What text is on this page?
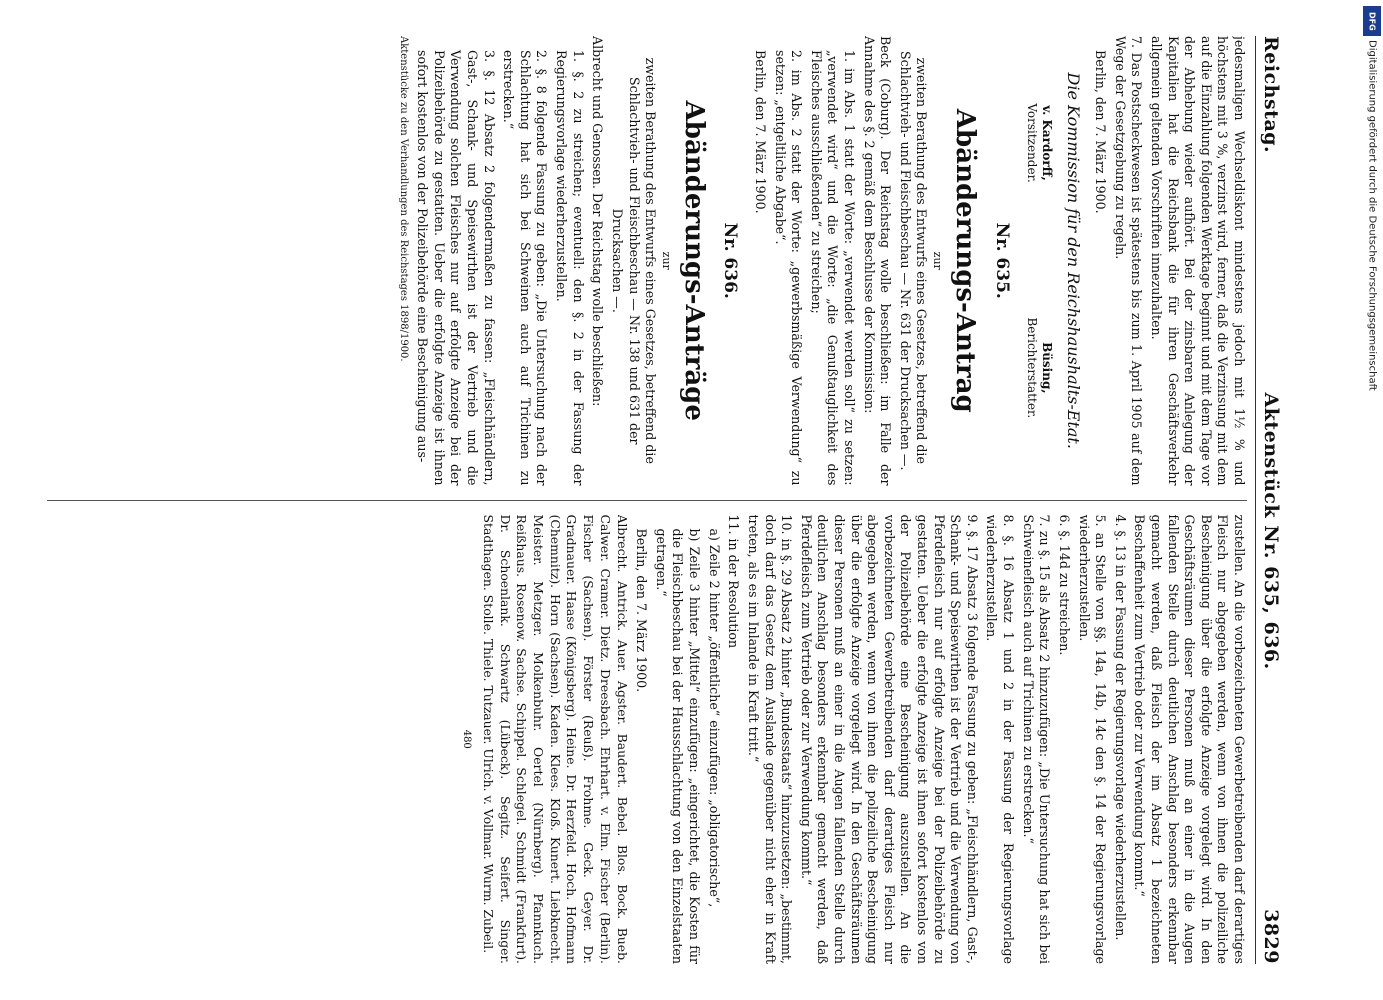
Reichstag.
Aktenstück Nr. 635, 636.
3829

jedesmaligen Wechseldiskont mindestens jedoch mit 1½ % und höchstens mit 3 %, verzinst wird, ferner, daß die Verzinsung mit dem auf die Einzahlung folgenden Werktage beginnt und mit dem Tage vor der Abhebung wieder aufhört. Bei der zinsbaren Anlegung der Kapitalien hat die Reichsbank die für ihren Geschäftsverkehr allgemein geltenden Vorschriften innezuhalten.

7. Das Postscheckwesen ist spätestens bis zum 1. April 1905 auf dem Wege der Gesetzgebung zu regeln.

Berlin, den 7. März 1900.

Die Kommission für den Reichshaushalts-Etat.
v. Kardorff,
Vorsitzender.
Büsing,
Berichterstatter.
Nr. 635.
Abänderungs-Antrag
zur

zweiten Berathung des Entwurfs eines Gesetzes, betreffend die Schlachtvieh- und Fleischbeschau — Nr. 631 der Drucksachen —.

Beck (Coburg). Der Reichstag wolle beschließen: im Falle der Annahme des §. 2 gemäß dem Beschlusse der Kommission:

1. im Abs. 1 statt der Worte: „verwendet werden soll“ zu setzen: „verwendet wird“ und die Worte: „die Genußtauglichkeit des Fleisches ausschließenden“ zu streichen;

2. im Abs. 2 statt der Worte: „gewerbsmäßige Verwendung“ zu setzen: „entgeltliche Abgabe“.

Berlin, den 7. März 1900.

Nr. 636.
Abänderungs-Anträge
zur

zweiten Berathung des Entwurfs eines Gesetzes, betreffend die Schlachtvieh- und Fleischbeschau — Nr. 138 und 631 der Drucksachen —.

Albrecht und Genossen. Der Reichstag wolle beschließen:

1. §. 2 zu streichen; eventuell: den §. 2 in der Fassung der Regierungsvorlage wiederherzustellen.

2. §. 8 folgende Fassung zu geben: „Die Untersuchung nach der Schlachtung hat sich bei Schweinen auch auf Trichinen zu erstrecken.“

3. §. 12 Absatz 2 folgendermaßen zu fassen: „Fleischhändlern, Gast-, Schank- und Speisewirthen ist der Vertrieb und die Verwendung solchen Fleisches nur auf erfolgte Anzeige bei der Polizeibehörde zu gestatten. Ueber die erfolgte Anzeige ist ihnen sofort kostenlos von der Polizeibehörde eine Bescheinigung aus-

Aktenstücke zu den Verhandlungen des Reichstages 1898/1900.

zustellen. An die vorbezeichneten Gewerbetreibenden darf derartiges Fleisch nur abgegeben werden, wenn von ihnen die polizeiliche Bescheinigung über die erfolgte Anzeige vorgelegt wird. In den Geschäftsräumen dieser Personen muß an einer in die Augen fallenden Stelle durch deutlichen Anschlag besonders erkennbar gemacht werden, daß Fleisch der im Absatz 1 bezeichneten Beschaffenheit zum Vertrieb oder zur Verwendung kommt.“

4. §. 13 in der Fassung der Regierungsvorlage wiederherzustellen.

5. an Stelle von §§. 14a, 14b, 14c den §. 14 der Regierungsvorlage wiederherzustellen.

6. §. 14d zu streichen.

7. zu §. 15 als Absatz 2 hinzuzufügen: „Die Untersuchung hat sich bei Schweinefleisch auch auf Trichinen zu erstrecken.“

8. §. 16 Absatz 1 und 2 in der Fassung der Regierungsvorlage wiederherzustellen.

9. §. 17 Absatz 3 folgende Fassung zu geben: „Fleischhändlern, Gast-, Schank- und Speisewirthen ist der Vertrieb und die Verwendung von Pferdefleisch nur auf erfolgte Anzeige bei der Polizeibehörde zu gestatten. Ueber die erfolgte Anzeige ist ihnen sofort kostenlos von der Polizeibehörde eine Bescheinigung auszustellen. An die vorbezeichneten Gewerbetreibenden darf derartiges Fleisch nur abgegeben werden, wenn von ihnen die polizeiliche Bescheinigung über die erfolgte Anzeige vorgelegt wird. In den Geschäftsräumen dieser Personen muß an einer in die Augen fallenden Stelle durch deutlichen Anschlag besonders erkennbar gemacht werden, daß Pferdefleisch zum Vertrieb oder zur Verwendung kommt.“

10. in §. 29 Absatz 2 hinter „Bundesstaats“ hinzuzusetzen: „bestimmt, doch darf das Gesetz dem Auslande gegenüber nicht eher in Kraft treten, als es im Inlande in Kraft tritt.“

11. in der Resolution

a) Zeile 2 hinter „öffentliche“ einzufügen: „obligatorische“,

b) Zeile 3 hinter „Mittel“ einzufügen: „eingerichtet, die Kosten für die Fleischbeschau bei der Hausschlachtung von den Einzelstaaten getragen.“

Berlin, den 7. März 1900.

Albrecht. Antrick. Auer. Agster. Baudert. Bebel. Blos. Bock. Bueb. Calwer. Cramer. Dietz. Dreesbach. Ehrhart. v. Elm. Fischer (Berlin). Fischer (Sachsen). Förster (Reuß). Frohme. Geck. Geyer. Dr. Gradnauer. Haase (Königsberg). Heine. Dr. Herzfeld. Hoch. Hofmann (Chemnitz). Horn (Sachsen). Kaden. Klees. Kloß. Kunert. Liebknecht. Meister. Metzger. Molkenbuhr. Oertel (Nürnberg). Pfannkuch. Reißhaus. Rosenow. Sachse. Schippel. Schlegel. Schmidt (Frankfurt). Dr. Schoenlank. Schwartz (Lübeck). Segitz. Seifert. Singer. Stadthagen. Stolle. Thiele. Tutzauer. Ulrich. v. Vollmar. Wurm. Zubeil.

480
DFG
Digitalisierung gefördert durch die Deutsche Forschungsgemeinschaft
